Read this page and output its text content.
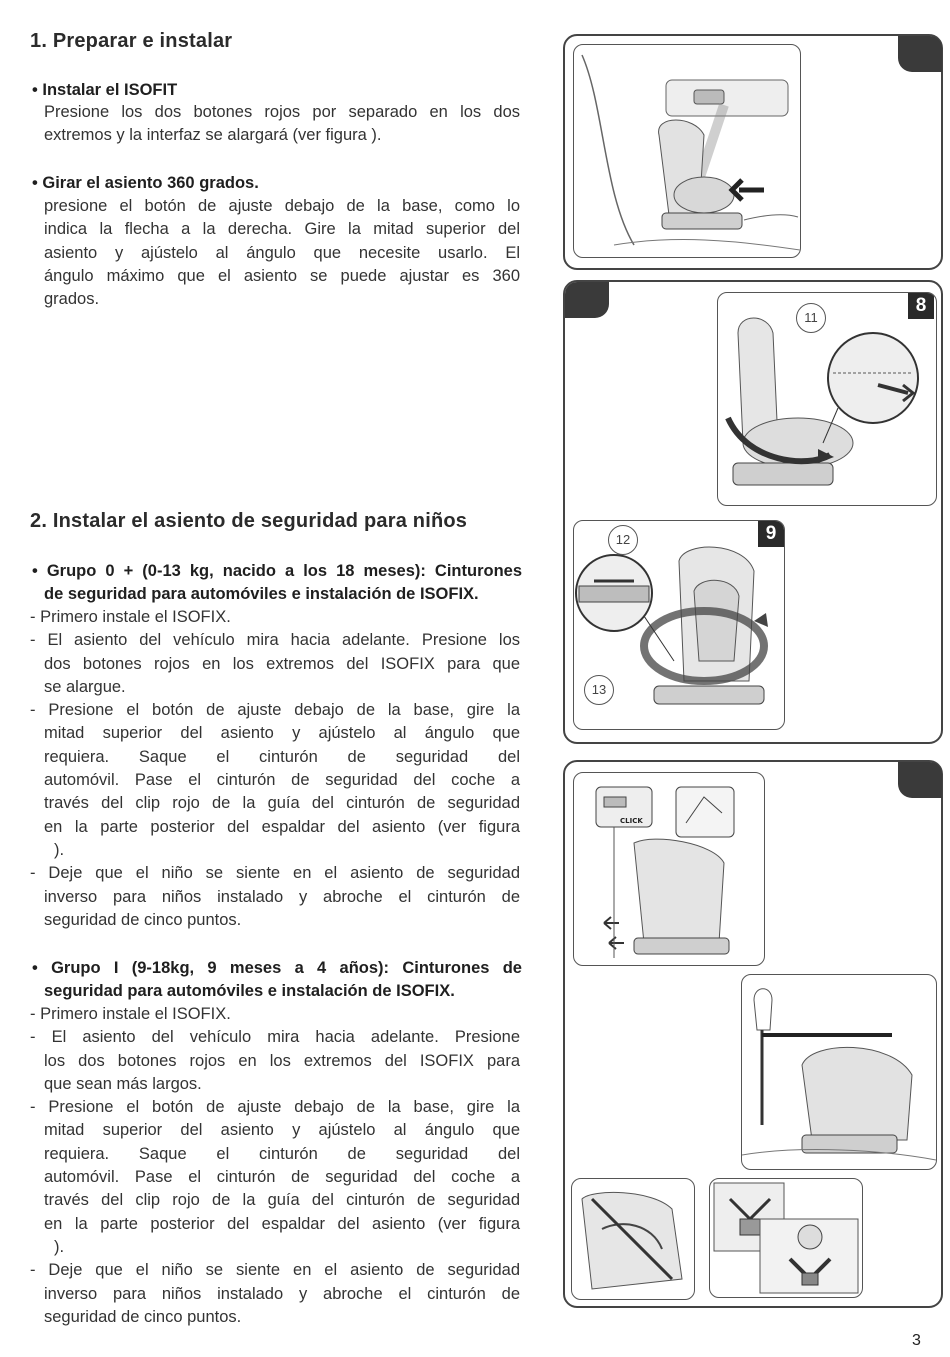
1. Preparar e instalar
• Instalar el ISOFIT
Presione los dos botones rojos por separado en los dos
extremos y la interfaz se alargará (ver figura ).
• Girar el asiento 360 grados.
presione el botón de ajuste debajo de la base, como lo
indica la flecha a la derecha. Gire la mitad superior del
asiento y ajústelo al ángulo que necesite usarlo. El
ángulo máximo que el asiento se puede ajustar es 360
grados.
2. Instalar el asiento de seguridad para niños
• Grupo 0 + (0-13 kg, nacido a los 18 meses): Cinturones
de seguridad para automóviles e instalación de ISOFIX.
- Primero instale el ISOFIX.
- El asiento del vehículo mira hacia adelante. Presione los
dos botones rojos en los extremos del ISOFIX para que
se alargue.
- Presione el botón de ajuste debajo de la base, gire la
mitad superior del asiento y ajústelo al ángulo que
requiera. Saque el cinturón de seguridad del
automóvil. Pase el cinturón de seguridad del coche a
través del clip rojo de la guía del cinturón de seguridad
en la parte posterior del espaldar del asiento (ver figura
).
- Deje que el niño se siente en el asiento de seguridad
inverso para niños instalado y abroche el cinturón de
seguridad de cinco puntos.
• Grupo I (9-18kg, 9 meses a 4 años): Cinturones de
seguridad para automóviles e instalación de ISOFIX.
- Primero instale el ISOFIX.
- El asiento del vehículo mira hacia adelante. Presione
los dos botones rojos en los extremos del ISOFIX para
que sean más largos.
- Presione el botón de ajuste debajo de la base, gire la
mitad superior del asiento y ajústelo al ángulo que
requiera. Saque el cinturón de seguridad del
automóvil. Pase el cinturón de seguridad del coche a
través del clip rojo de la guía del cinturón de seguridad
en la parte posterior del espaldar del asiento (ver figura
).
- Deje que el niño se siente en el asiento de seguridad
inverso para niños instalado y abroche el cinturón de
seguridad de cinco puntos.
11
8
12
13
9
CLICK
3
